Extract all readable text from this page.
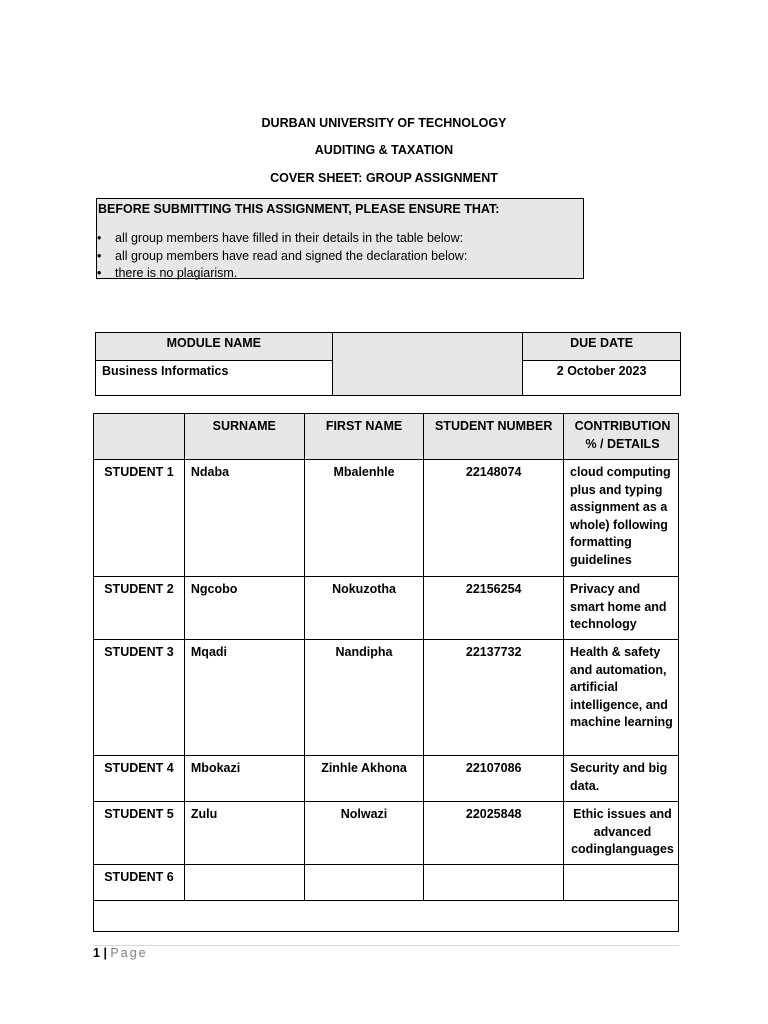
DURBAN UNIVERSITY OF TECHNOLOGY

AUDITING & TAXATION

COVER SHEET: GROUP ASSIGNMENT

BEFORE SUBMITTING THIS ASSIGNMENT, PLEASE ENSURE THAT:

• all group members have filled in their details in the table below:
• all group members have read and signed the declaration below:
• there is no plagiarism.
MODULE NAME		DUE DATE
Business Informatics		2 October 2023
	SURNAME	FIRST NAME	STUDENT NUMBER	CONTRIBUTION % / DETAILS
STUDENT 1	Ndaba	Mbalenhle	22148074	cloud computing plus and typing assignment as a whole) following formatting guidelines
STUDENT 2	Ngcobo	Nokuzotha	22156254	Privacy and smart home and technology
STUDENT 3	Mqadi	Nandipha	22137732	Health & safety and automation, artificial intelligence, and machine learning
STUDENT 4	Mbokazi	Zinhle Akhona	22107086	Security and big data.
STUDENT 5	Zulu	Nolwazi	22025848	Ethic issues and advanced codinglanguages
STUDENT 6				

1 | Page
